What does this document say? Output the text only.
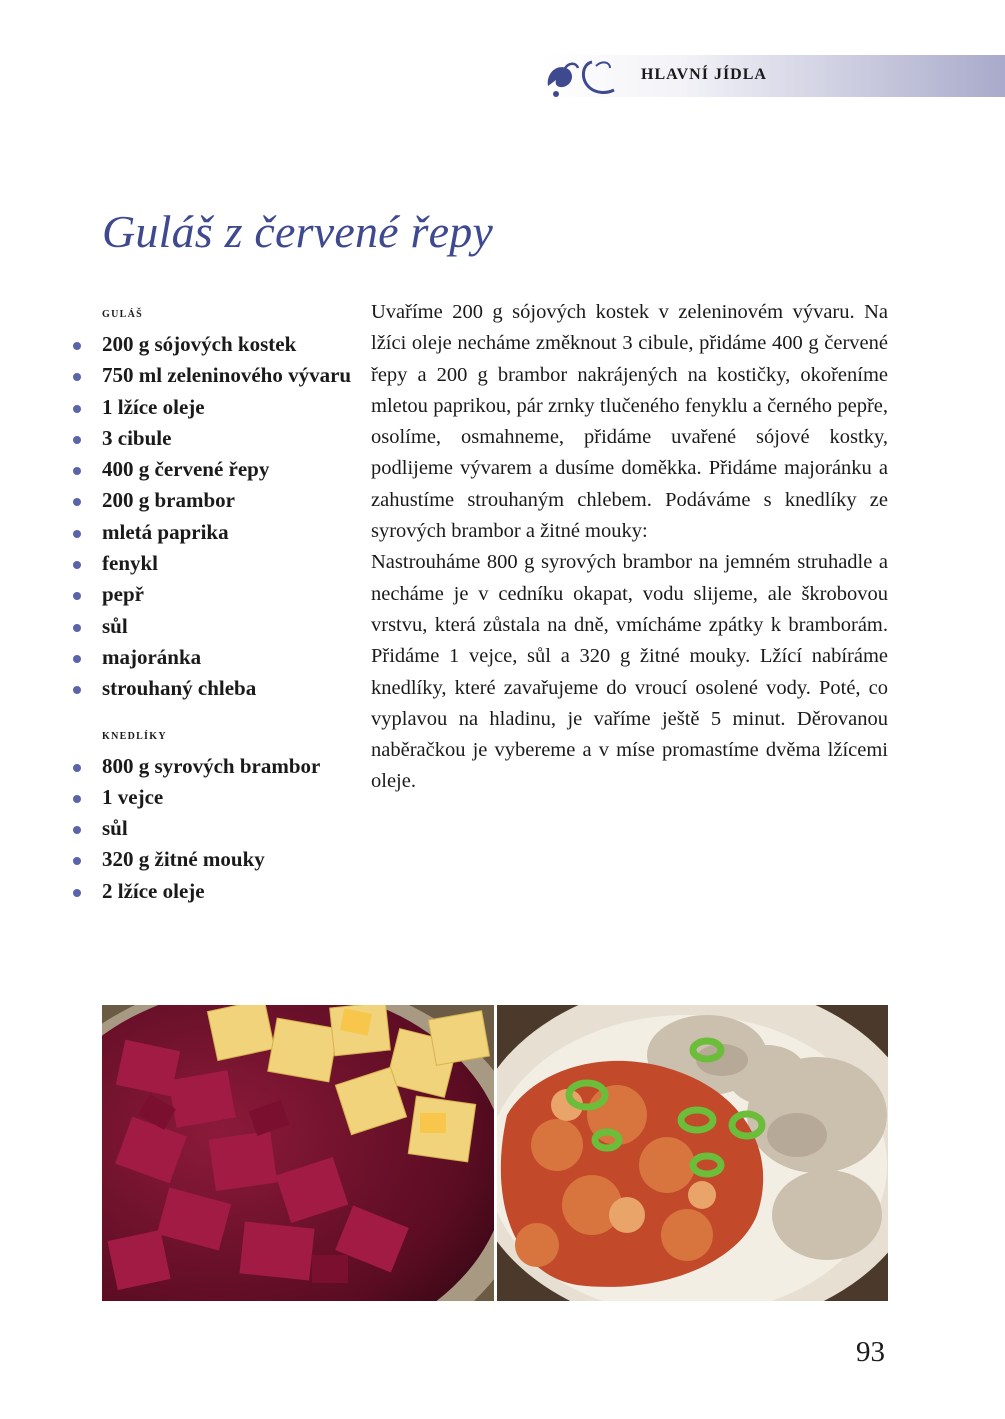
HLAVNÍ JÍDLA
Guláš z červené řepy
guláš
200 g sójových kostek
750 ml zeleninového vývaru
1 lžíce oleje
3 cibule
400 g červené řepy
200 g brambor
mletá paprika
fenykl
pepř
sůl
majoránka
strouhaný chleba
knedlíky
800 g syrových brambor
1 vejce
sůl
320 g žitné mouky
2 lžíce oleje

Uvaříme 200 g sójových kostek v zeleninovém vývaru. Na lžíci oleje necháme změknout 3 cibule, přidáme 400 g červené řepy a 200 g brambor nakrájených na kostičky, okořeníme mletou paprikou, pár zrnky tlučeného fenyklu a černého pepře, osolíme, osmahneme, přidáme uvařené sójové kostky, podlijeme vývarem a dusíme doměkka. Přidáme majoránku a zahustíme strouhaným chlebem. Podáváme s knedlíky ze syrových brambor a žitné mouky:

Nastrouháme 800 g syrových brambor na jemném struhadle a necháme je v cedníku okapat, vodu slijeme, ale škrobovou vrstvu, která zůstala na dně, vmícháme zpátky k bramborám. Přidáme 1 vejce, sůl a 320 g žitné mouky. Lžící nabíráme knedlíky, které zavařujeme do vroucí osolené vody. Poté, co vyplavou na hladinu, je vaříme ještě 5 minut. Děrovanou naběračkou je vybereme a v míse promastíme dvěma lžícemi oleje.

93
